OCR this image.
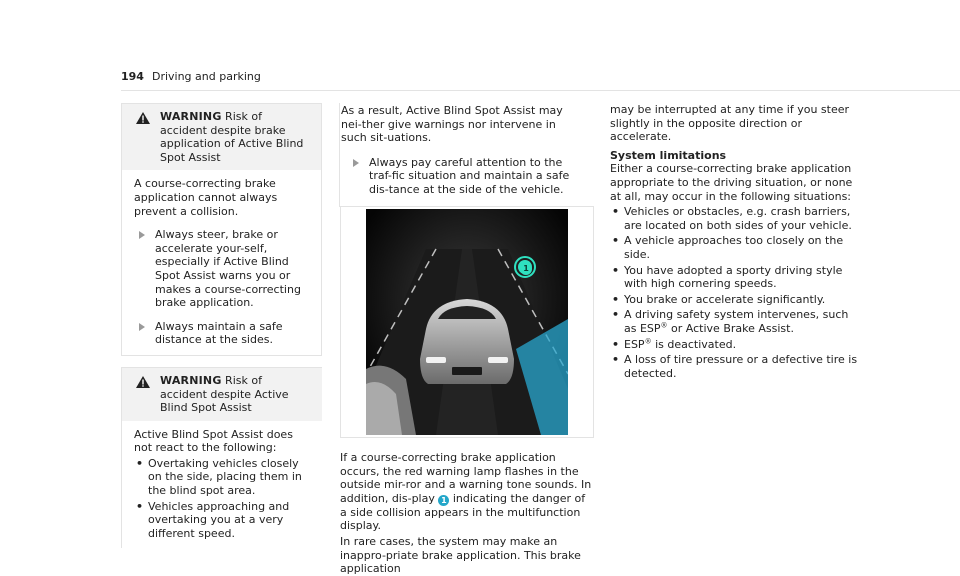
194 Driving and parking
WARNING Risk of accident despite brake application of Active Blind Spot Assist

A course-correcting brake application cannot always prevent a collision.

Always steer, brake or accelerate your-self, especially if Active Blind Spot Assist warns you or makes a course-correcting brake application.
Always maintain a safe distance at the sides.
WARNING Risk of accident despite Active Blind Spot Assist

Active Blind Spot Assist does not react to the following:

• Overtaking vehicles closely on the side, placing them in the blind spot area.
• Vehicles approaching and overtaking you at a very different speed.

As a result, Active Blind Spot Assist may nei-ther give warnings nor intervene in such sit-uations.

Always pay careful attention to the traf-fic situation and maintain a safe dis-tance at the side of the vehicle.
1

If a course-correcting brake application occurs, the red warning lamp flashes in the outside mir-ror and a warning tone sounds. In addition, dis-play 1 indicating the danger of a side collision appears in the multifunction display.

In rare cases, the system may make an inappro-priate brake application. This brake application

may be interrupted at any time if you steer slightly in the opposite direction or accelerate.

System limitations

Either a course-correcting brake application appropriate to the driving situation, or none at all, may occur in the following situations:

• Vehicles or obstacles, e.g. crash barriers, are located on both sides of your vehicle.
• A vehicle approaches too closely on the side.
• You have adopted a sporty driving style with high cornering speeds.
• You brake or accelerate significantly.
• A driving safety system intervenes, such as ESP® or Active Brake Assist.
• ESP® is deactivated.
• A loss of tire pressure or a defective tire is detected.
